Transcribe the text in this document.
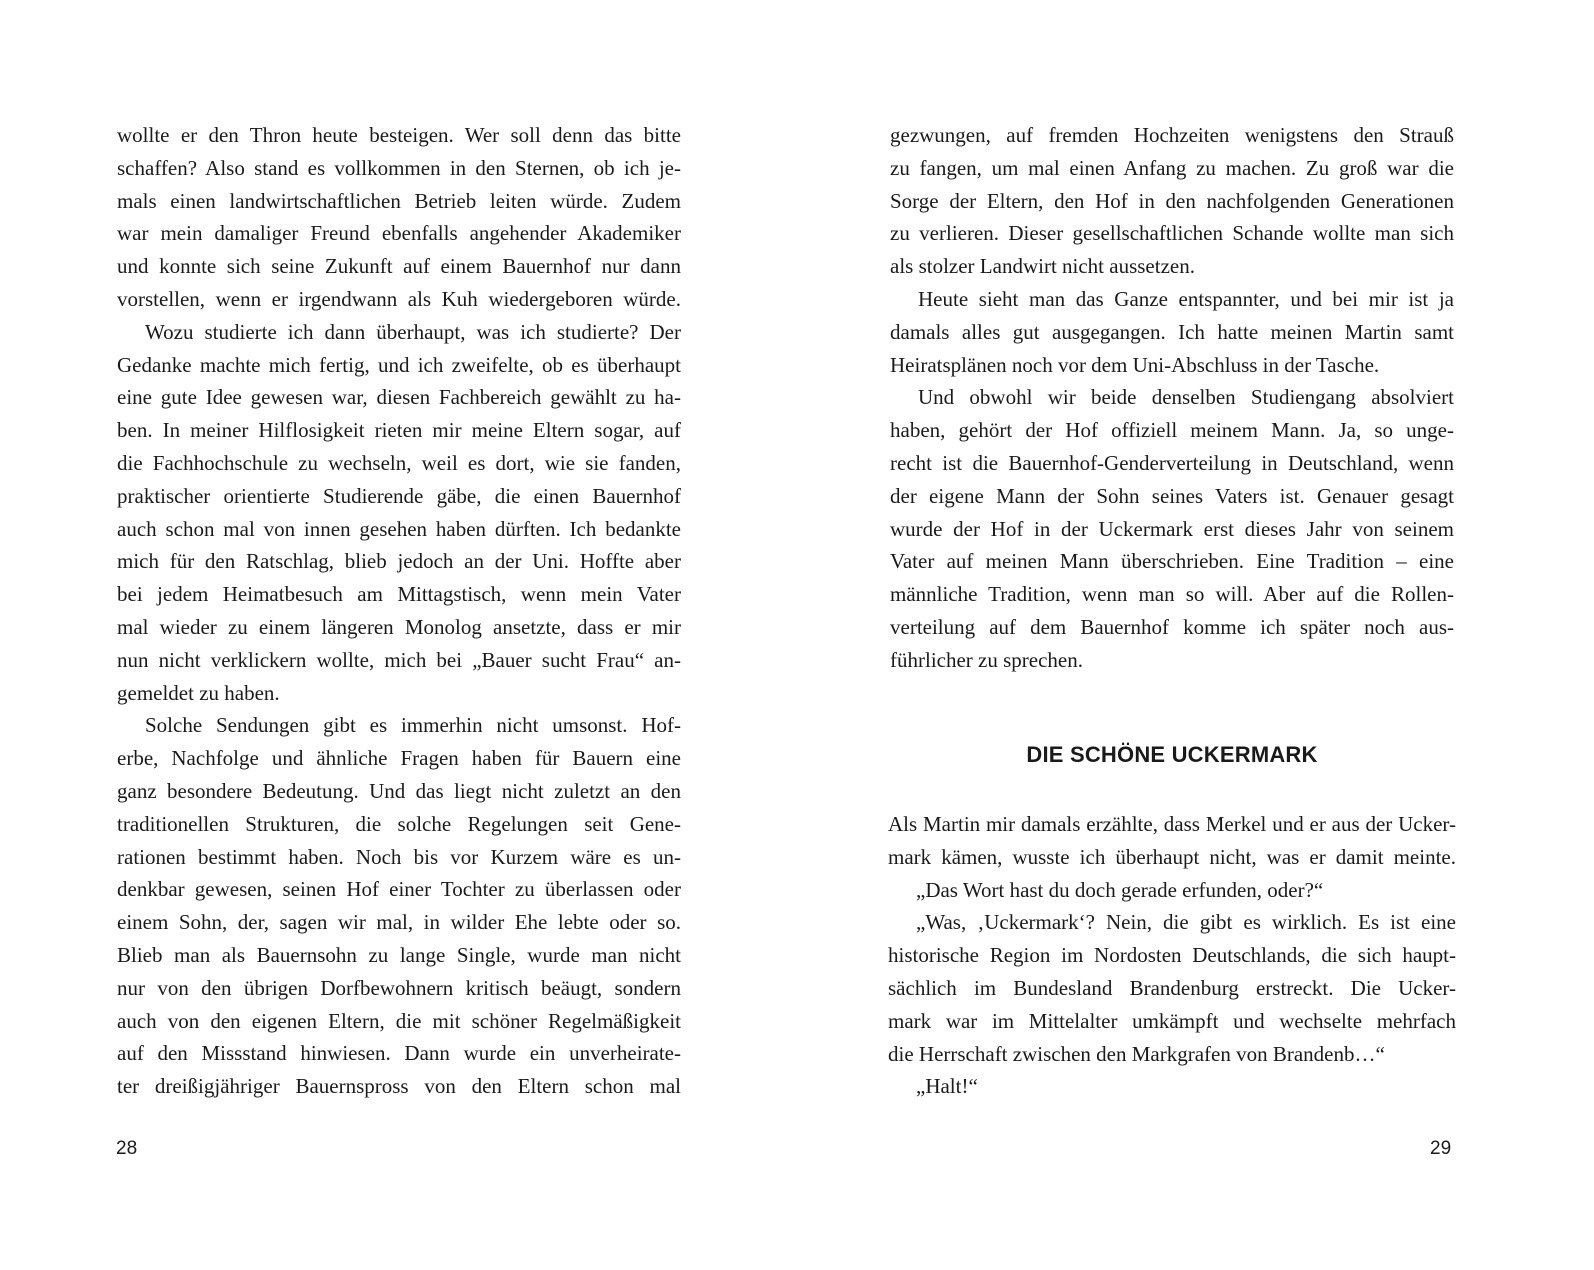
wollte er den Thron heute besteigen. Wer soll denn das bitte
schaffen? Also stand es vollkommen in den Sternen, ob ich je-
mals einen landwirtschaftlichen Betrieb leiten würde. Zudem
war mein damaliger Freund ebenfalls angehender Akademiker
und konnte sich seine Zukunft auf einem Bauernhof nur dann
vorstellen, wenn er irgendwann als Kuh wiedergeboren würde.
Wozu studierte ich dann überhaupt, was ich studierte? Der
Gedanke machte mich fertig, und ich zweifelte, ob es überhaupt
eine gute Idee gewesen war, diesen Fachbereich gewählt zu ha-
ben. In meiner Hilflosigkeit rieten mir meine Eltern sogar, auf
die Fachhochschule zu wechseln, weil es dort, wie sie fanden,
praktischer orientierte Studierende gäbe, die einen Bauernhof
auch schon mal von innen gesehen haben dürften. Ich bedankte
mich für den Ratschlag, blieb jedoch an der Uni. Hoffte aber
bei jedem Heimatbesuch am Mittagstisch, wenn mein Vater
mal wieder zu einem längeren Monolog ansetzte, dass er mir
nun nicht verklickern wollte, mich bei „Bauer sucht Frau“ an-
gemeldet zu haben.
Solche Sendungen gibt es immerhin nicht umsonst. Hof-
erbe, Nachfolge und ähnliche Fragen haben für Bauern eine
ganz besondere Bedeutung. Und das liegt nicht zuletzt an den
traditionellen Strukturen, die solche Regelungen seit Gene-
rationen bestimmt haben. Noch bis vor Kurzem wäre es un-
denkbar gewesen, seinen Hof einer Tochter zu überlassen oder
einem Sohn, der, sagen wir mal, in wilder Ehe lebte oder so.
Blieb man als Bauernsohn zu lange Single, wurde man nicht
nur von den übrigen Dorfbewohnern kritisch beäugt, sondern
auch von den eigenen Eltern, die mit schöner Regelmäßigkeit
auf den Missstand hinwiesen. Dann wurde ein unverheirate-
ter dreißigjähriger Bauernspross von den Eltern schon mal
28
gezwungen, auf fremden Hochzeiten wenigstens den Strauß
zu fangen, um mal einen Anfang zu machen. Zu groß war die
Sorge der Eltern, den Hof in den nachfolgenden Generationen
zu verlieren. Dieser gesellschaftlichen Schande wollte man sich
als stolzer Landwirt nicht aussetzen.
Heute sieht man das Ganze entspannter, und bei mir ist ja
damals alles gut ausgegangen. Ich hatte meinen Martin samt
Heiratsplänen noch vor dem Uni-Abschluss in der Tasche.
Und obwohl wir beide denselben Studiengang absolviert
haben, gehört der Hof offiziell meinem Mann. Ja, so unge-
recht ist die Bauernhof-Genderverteilung in Deutschland, wenn
der eigene Mann der Sohn seines Vaters ist. Genauer gesagt
wurde der Hof in der Uckermark erst dieses Jahr von seinem
Vater auf meinen Mann überschrieben. Eine Tradition – eine
männliche Tradition, wenn man so will. Aber auf die Rollen-
verteilung auf dem Bauernhof komme ich später noch aus-
führlicher zu sprechen.
DIE SCHÖNE UCKERMARK
Als Martin mir damals erzählte, dass Merkel und er aus der Ucker-
mark kämen, wusste ich überhaupt nicht, was er damit meinte.
„Das Wort hast du doch gerade erfunden, oder?“
„Was, ‚Uckermark‘? Nein, die gibt es wirklich. Es ist eine
historische Region im Nordosten Deutschlands, die sich haupt-
sächlich im Bundesland Brandenburg erstreckt. Die Ucker-
mark war im Mittelalter umkämpft und wechselte mehrfach
die Herrschaft zwischen den Markgrafen von Brandenb…“
„Halt!“
29
